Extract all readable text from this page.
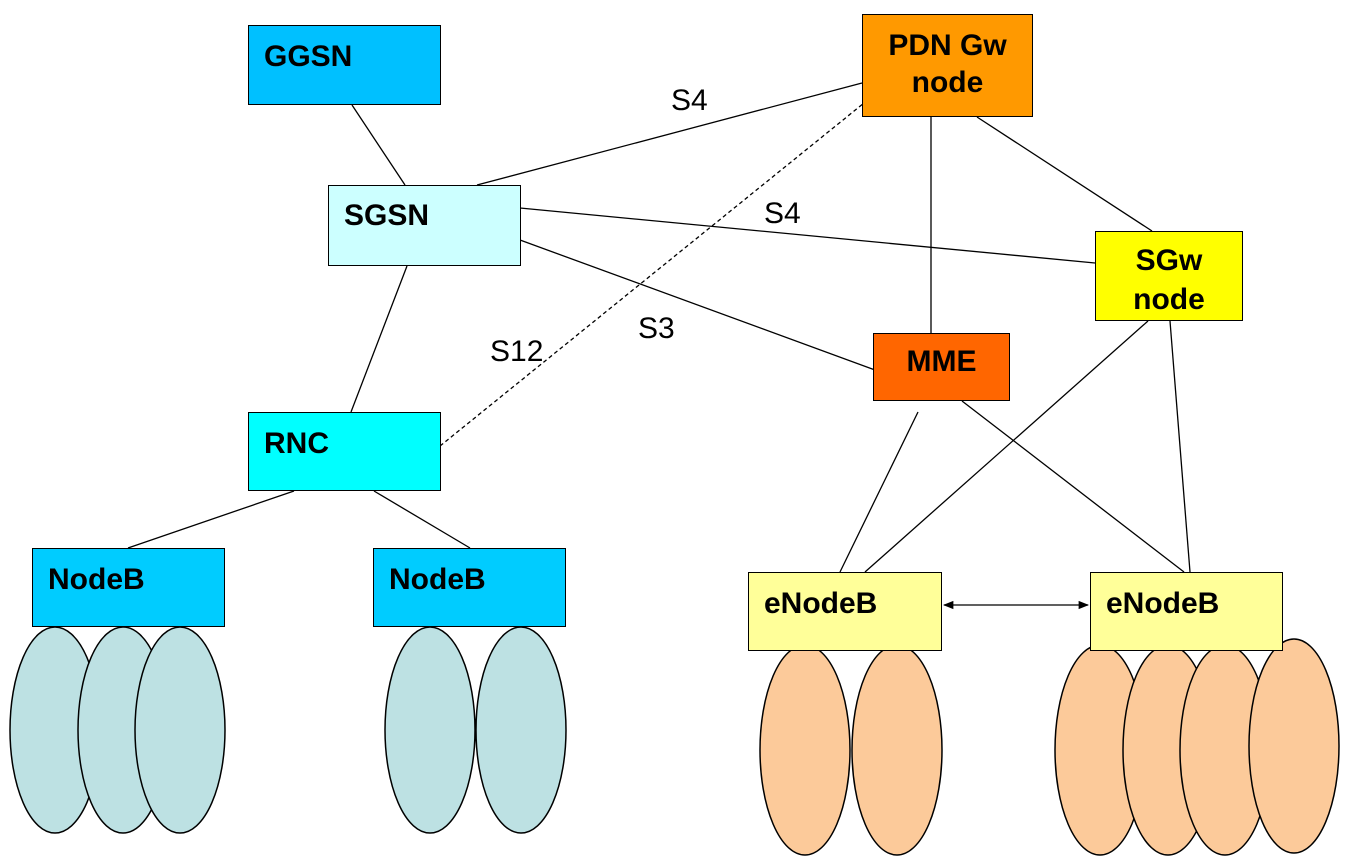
S4
S4
S3
S12
GGSN
SGSN
RNC
NodeB	NodeB
PDN Gw
node
SGw
node
MME
eNodeB	eNodeB
